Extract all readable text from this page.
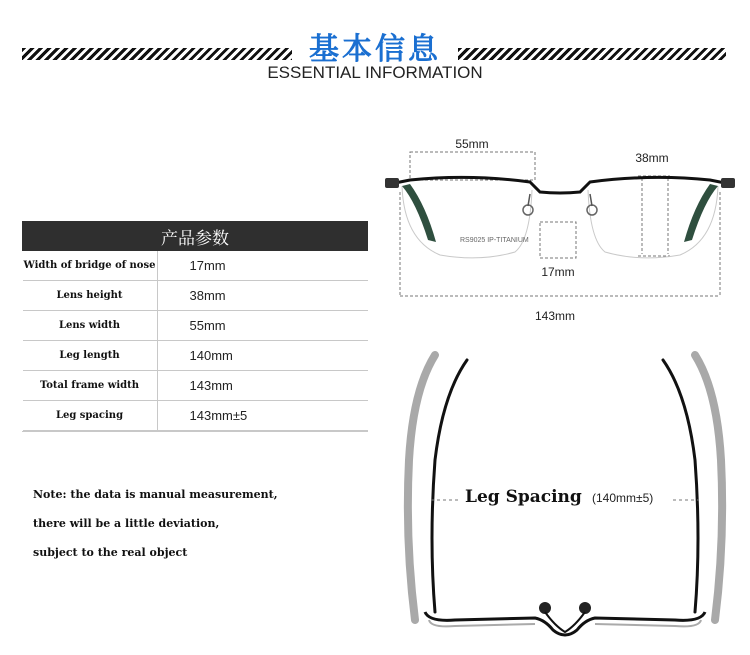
基本信息
ESSENTIAL INFORMATION
产品参数	
Width of bridge of nose	17mm
Lens height	38mm
Lens width	55mm
Leg length	140mm
Total frame width	143mm
Leg spacing	143mm±5
Note: the data is manual measurement,
there will be a little deviation,
subject to the real object
55mm
38mm
RS9025 IP-TITANIUM
17mm
143mm
Leg Spacing (140mm±5)
